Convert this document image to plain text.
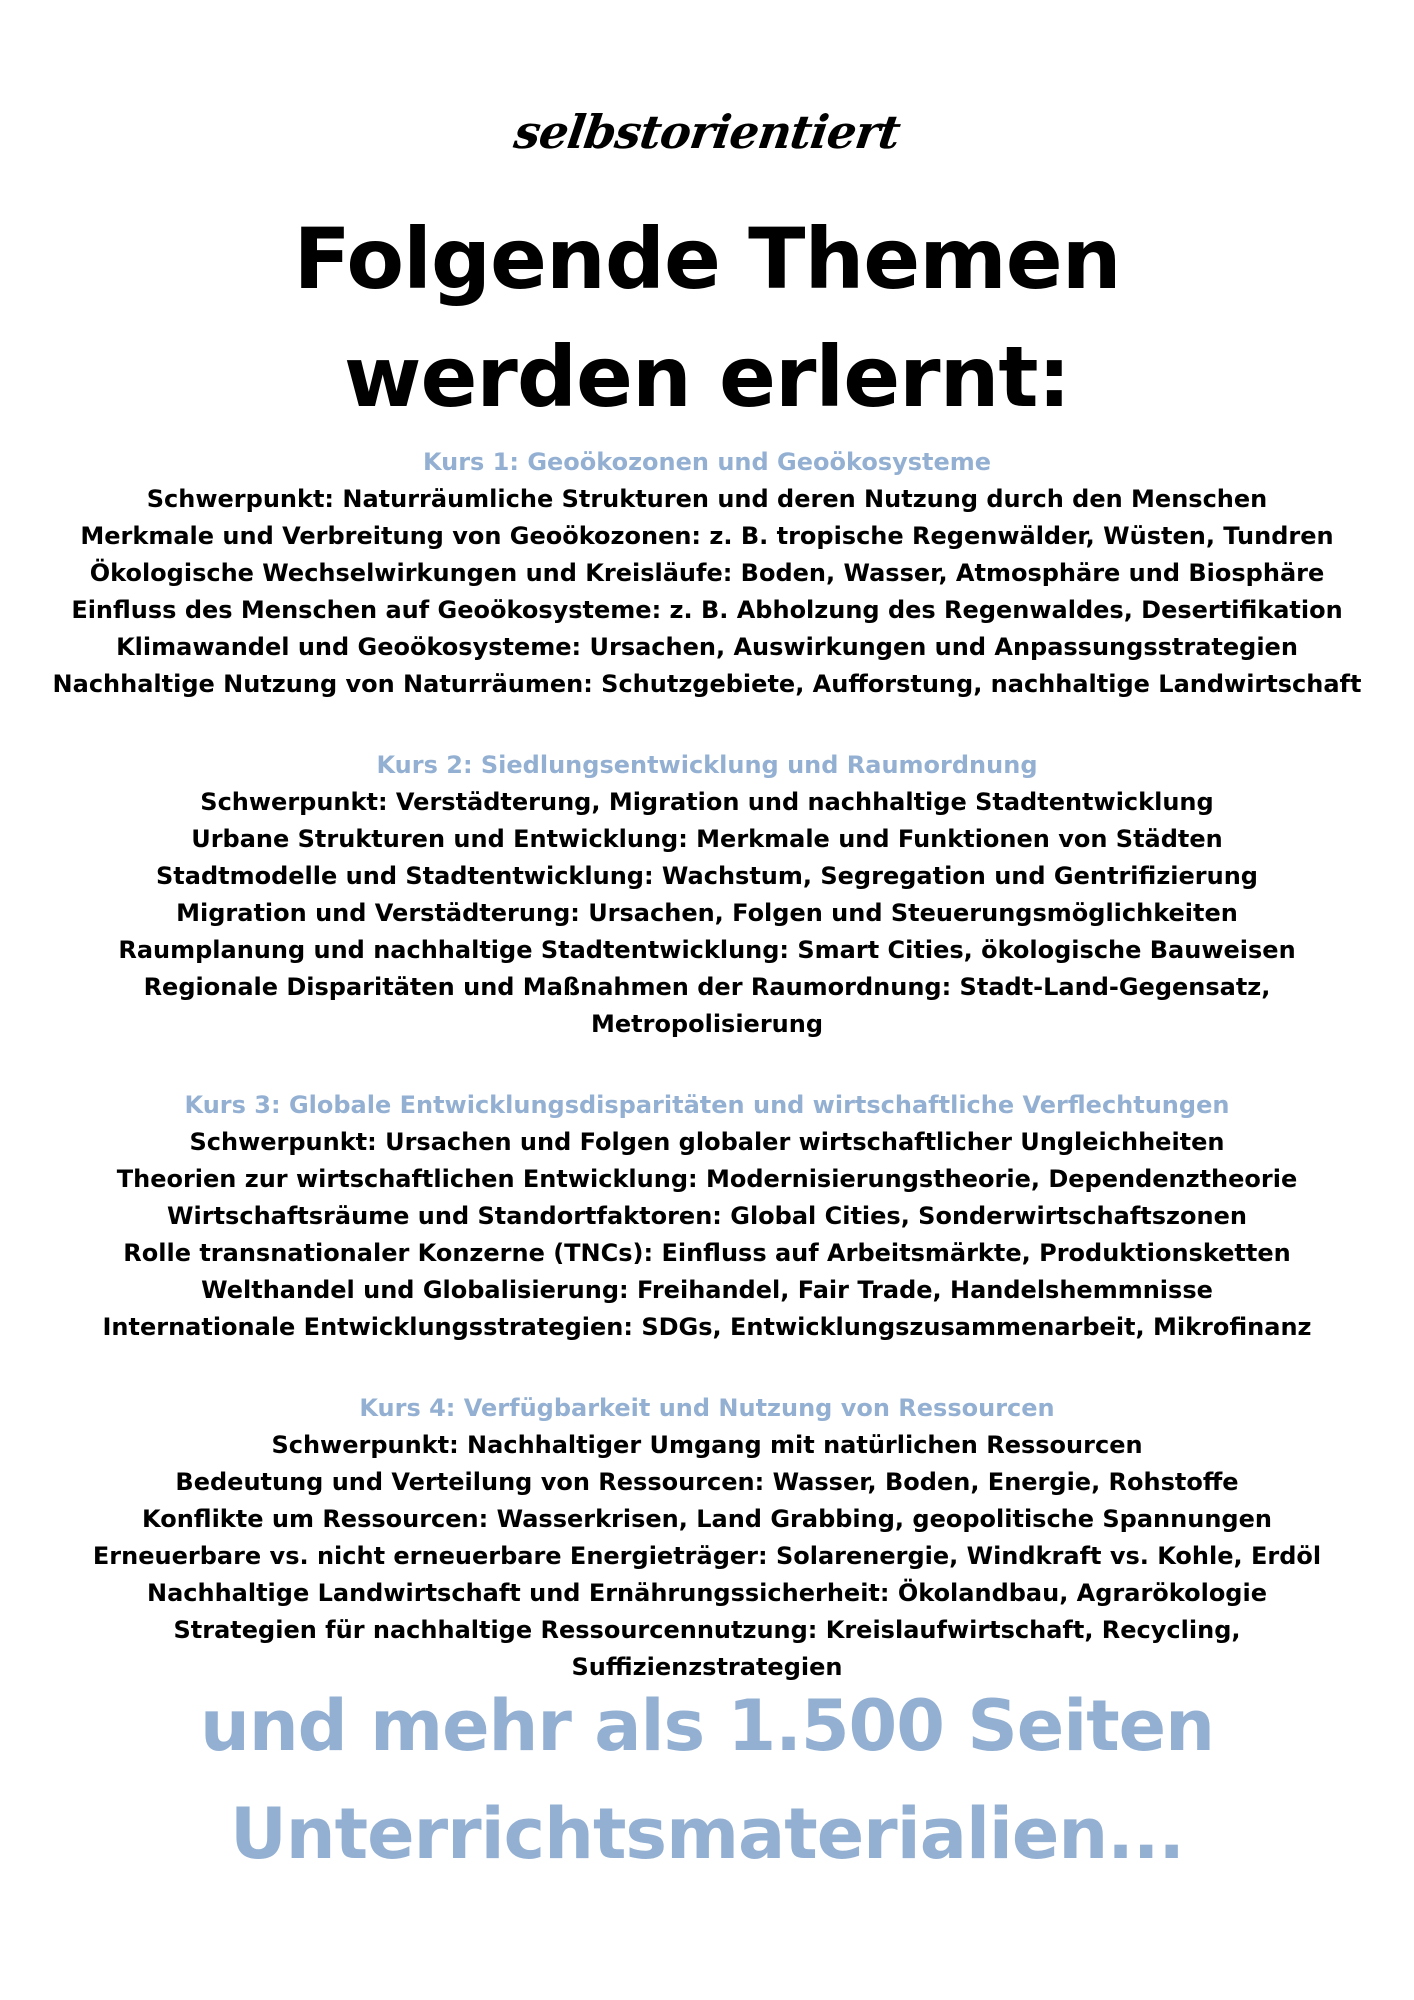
selbstorientiert
Folgende Themen
werden erlernt:
Kurs 1: Geoökozonen und Geoökosysteme
Schwerpunkt: Naturräumliche Strukturen und deren Nutzung durch den Menschen
Merkmale und Verbreitung von Geoökozonen: z. B. tropische Regenwälder, Wüsten, Tundren
Ökologische Wechselwirkungen und Kreisläufe: Boden, Wasser, Atmosphäre und Biosphäre
Einfluss des Menschen auf Geoökosysteme: z. B. Abholzung des Regenwaldes, Desertifikation
Klimawandel und Geoökosysteme: Ursachen, Auswirkungen und Anpassungsstrategien
Nachhaltige Nutzung von Naturräumen: Schutzgebiete, Aufforstung, nachhaltige Landwirtschaft
Kurs 2: Siedlungsentwicklung und Raumordnung
Schwerpunkt: Verstädterung, Migration und nachhaltige Stadtentwicklung
Urbane Strukturen und Entwicklung: Merkmale und Funktionen von Städten
Stadtmodelle und Stadtentwicklung: Wachstum, Segregation und Gentrifizierung
Migration und Verstädterung: Ursachen, Folgen und Steuerungsmöglichkeiten
Raumplanung und nachhaltige Stadtentwicklung: Smart Cities, ökologische Bauweisen
Regionale Disparitäten und Maßnahmen der Raumordnung: Stadt-Land-Gegensatz, Metropolisierung
Kurs 3: Globale Entwicklungsdisparitäten und wirtschaftliche Verflechtungen
Schwerpunkt: Ursachen und Folgen globaler wirtschaftlicher Ungleichheiten
Theorien zur wirtschaftlichen Entwicklung: Modernisierungstheorie, Dependenztheorie
Wirtschaftsräume und Standortfaktoren: Global Cities, Sonderwirtschaftszonen
Rolle transnationaler Konzerne (TNCs): Einfluss auf Arbeitsmärkte, Produktionsketten
Welthandel und Globalisierung: Freihandel, Fair Trade, Handelshemmnisse
Internationale Entwicklungsstrategien: SDGs, Entwicklungszusammenarbeit, Mikrofinanz
Kurs 4: Verfügbarkeit und Nutzung von Ressourcen
Schwerpunkt: Nachhaltiger Umgang mit natürlichen Ressourcen
Bedeutung und Verteilung von Ressourcen: Wasser, Boden, Energie, Rohstoffe
Konflikte um Ressourcen: Wasserkrisen, Land Grabbing, geopolitische Spannungen
Erneuerbare vs. nicht erneuerbare Energieträger: Solarenergie, Windkraft vs. Kohle, Erdöl
Nachhaltige Landwirtschaft und Ernährungssicherheit: Ökolandbau, Agrarökologie
Strategien für nachhaltige Ressourcennutzung: Kreislaufwirtschaft, Recycling, Suffizienzstrategien
und mehr als 1.500 Seiten
Unterrichtsmaterialien...
